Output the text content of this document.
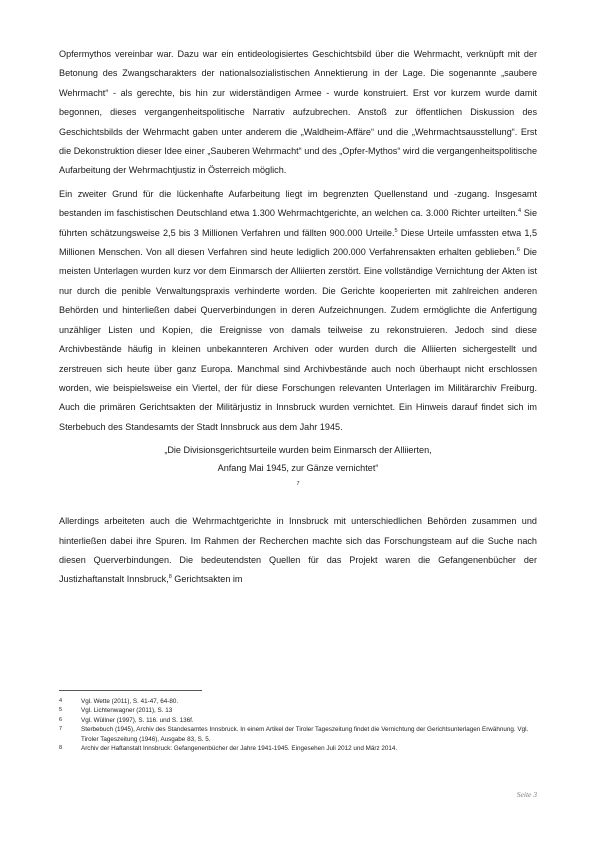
Opfermythos vereinbar war. Dazu war ein entideologisiertes Geschichtsbild über die Wehrmacht, verknüpft mit der Betonung des Zwangscharakters der nationalsozialistischen Annektierung in der Lage. Die sogenannte „saubere Wehrmacht“ - als gerechte, bis hin zur widerständigen Armee - wurde konstruiert. Erst vor kurzem wurde damit begonnen, dieses vergangenheitspolitische Narrativ aufzubrechen. Anstoß zur öffentlichen Diskussion des Geschichtsbilds der Wehrmacht gaben unter anderem die „Waldheim-Affäre“ und die „Wehrmachtsausstellung“. Erst die Dekonstruktion dieser Idee einer „Sauberen Wehrmacht“ und des „Opfer-Mythos“ wird die vergangenheitspolitische Aufarbeitung der Wehrmachtjustiz in Österreich möglich.

Ein zweiter Grund für die lückenhafte Aufarbeitung liegt im begrenzten Quellenstand und -zugang. Insgesamt bestanden im faschistischen Deutschland etwa 1.300 Wehrmachtgerichte, an welchen ca. 3.000 Richter urteilten.$^4$ Sie führten schätzungsweise 2,5 bis 3 Millionen Verfahren und fällten 900.000 Urteile.$^5$ Diese Urteile umfassten etwa 1,5 Millionen Menschen. Von all diesen Verfahren sind heute lediglich 200.000 Verfahrensakten erhalten geblieben.$^6$ Die meisten Unterlagen wurden kurz vor dem Einmarsch der Alliierten zerstört. Eine vollständige Vernichtung der Akten ist nur durch die penible Verwaltungspraxis verhinderte worden. Die Gerichte kooperierten mit zahlreichen anderen Behörden und hinterließen dabei Querverbindungen in deren Aufzeichnungen. Zudem ermöglichte die Anfertigung unzähliger Listen und Kopien, die Ereignisse von damals teilweise zu rekonstruieren. Jedoch sind diese Archivbestände häufig in kleinen unbekannteren Archiven oder wurden durch die Alliierten sichergestellt und zerstreuen sich heute über ganz Europa. Manchmal sind Archivbestände auch noch überhaupt nicht erschlossen worden, wie beispielsweise ein Viertel, der für diese Forschungen relevanten Unterlagen im Militärarchiv Freiburg. Auch die primären Gerichtsakten der Militärjustiz in Innsbruck wurden vernichtet. Ein Hinweis darauf findet sich im Sterbebuch des Standesamts der Stadt Innsbruck aus dem Jahr 1945.

„Die Divisionsgerichtsurteile wurden beim Einmarsch der Alliierten,
Anfang Mai 1945, zur Gänze vernichtet“
$^7$

Allerdings arbeiteten auch die Wehrmachtgerichte in Innsbruck mit unterschiedlichen Behörden zusammen und hinterließen dabei ihre Spuren. Im Rahmen der Recherchen machte sich das Forschungsteam auf die Suche nach diesen Querverbindungen. Die bedeutendsten Quellen für das Projekt waren die Gefangenenbücher der Justizhaftanstalt Innsbruck,$^8$ Gerichtsakten im

4	Vgl. Wette (2011), S. 41-47, 64-80.
5	Vgl. Lichtenwagner (2011), S. 13
6	Vgl. Wüllner (1997), S. 116. und S. 136f.
7	Sterbebuch (1945), Archiv des Standesamtes Innsbruck. In einem Artikel der Tiroler Tageszeitung findet die Vernichtung der Gerichtsunterlagen Erwähnung. Vgl. Tiroler Tageszeitung (1946), Ausgabe 83, S. 5.
8	Archiv der Haftanstalt Innsbruck: Gefangenenbücher der Jahre 1941-1945. Eingesehen Juli 2012 und März 2014.
Seite 3
